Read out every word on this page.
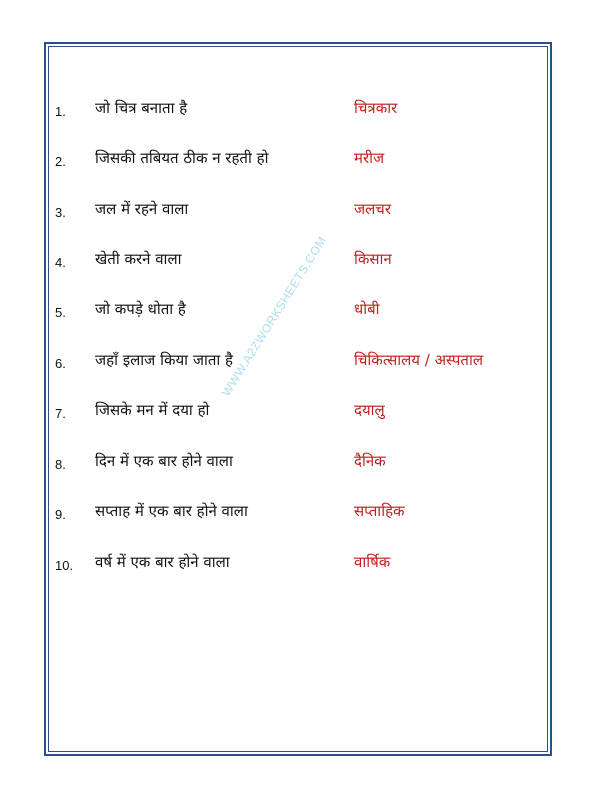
1. जो चित्र बनाता है	चित्रकार
2. जिसकी तबियत ठीक न रहती हो	मरीज
3. जल में रहने वाला	जलचर
4. खेती करने वाला	किसान
5. जो कपड़े धोता है	धोबी
6. जहाँ इलाज किया जाता है	चिकित्सालय / अस्पताल
7. जिसके मन में दया हो	दयालु
8. दिन में एक बार होने वाला	दैनिक
9. सप्ताह में एक बार होने वाला	सप्ताहिक
10. वर्ष में एक बार होने वाला	वार्षिक
WWW.A2ZWORKSHEETS.COM
